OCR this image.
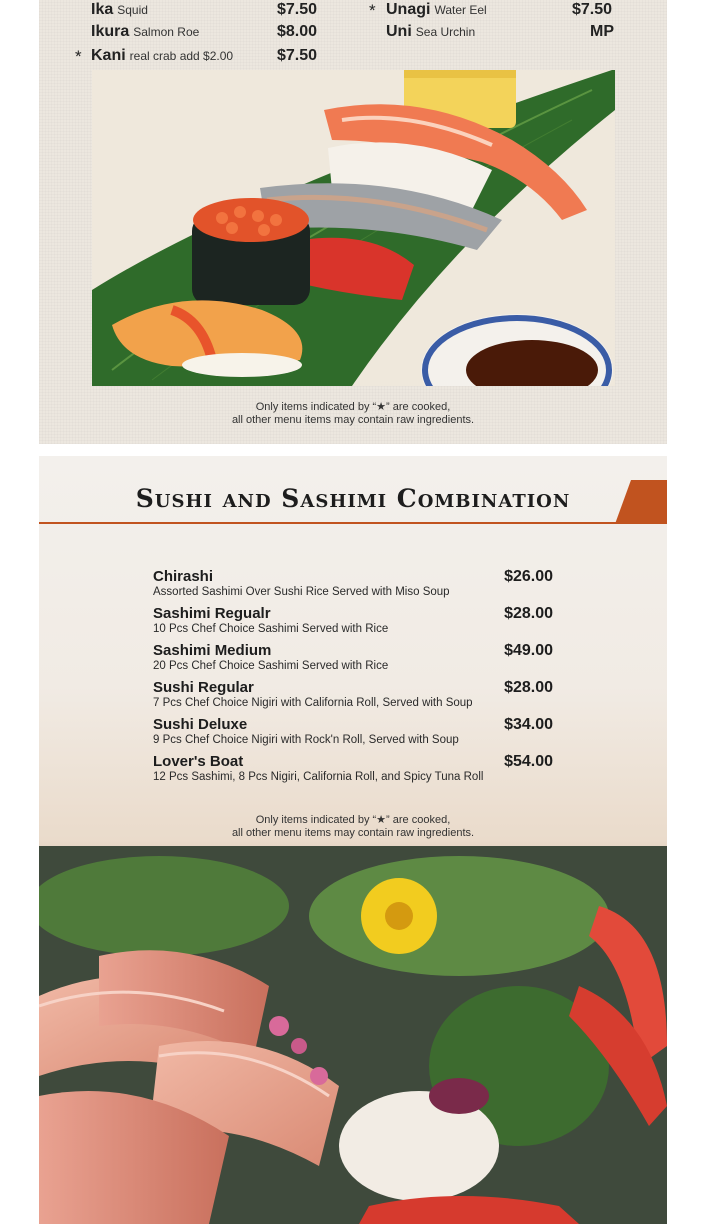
Ika Squid	$7.50
Ikura Salmon Roe	$8.00
* Kani real crab add $2.00	$7.50
* Unagi Water Eel	$7.50
Uni Sea Urchin	MP
Only items indicated by “★” are cooked,
all other menu items may contain raw ingredients.
Sushi and Sashimi Combination
Chirashi	$26.00
Assorted Sashimi Over Sushi Rice Served with Miso Soup
Sashimi Regualr	$28.00
10 Pcs Chef Choice Sashimi Served with Rice
Sashimi Medium	$49.00
20 Pcs Chef Choice Sashimi Served with Rice
Sushi Regular	$28.00
7 Pcs Chef Choice Nigiri with California Roll, Served with Soup
Sushi Deluxe	$34.00
9 Pcs Chef Choice Nigiri with Rock'n Roll, Served with Soup
Lover's Boat	$54.00
12 Pcs Sashimi, 8 Pcs Nigiri, California Roll, and Spicy Tuna Roll
Only items indicated by “★” are cooked,
all other menu items may contain raw ingredients.
